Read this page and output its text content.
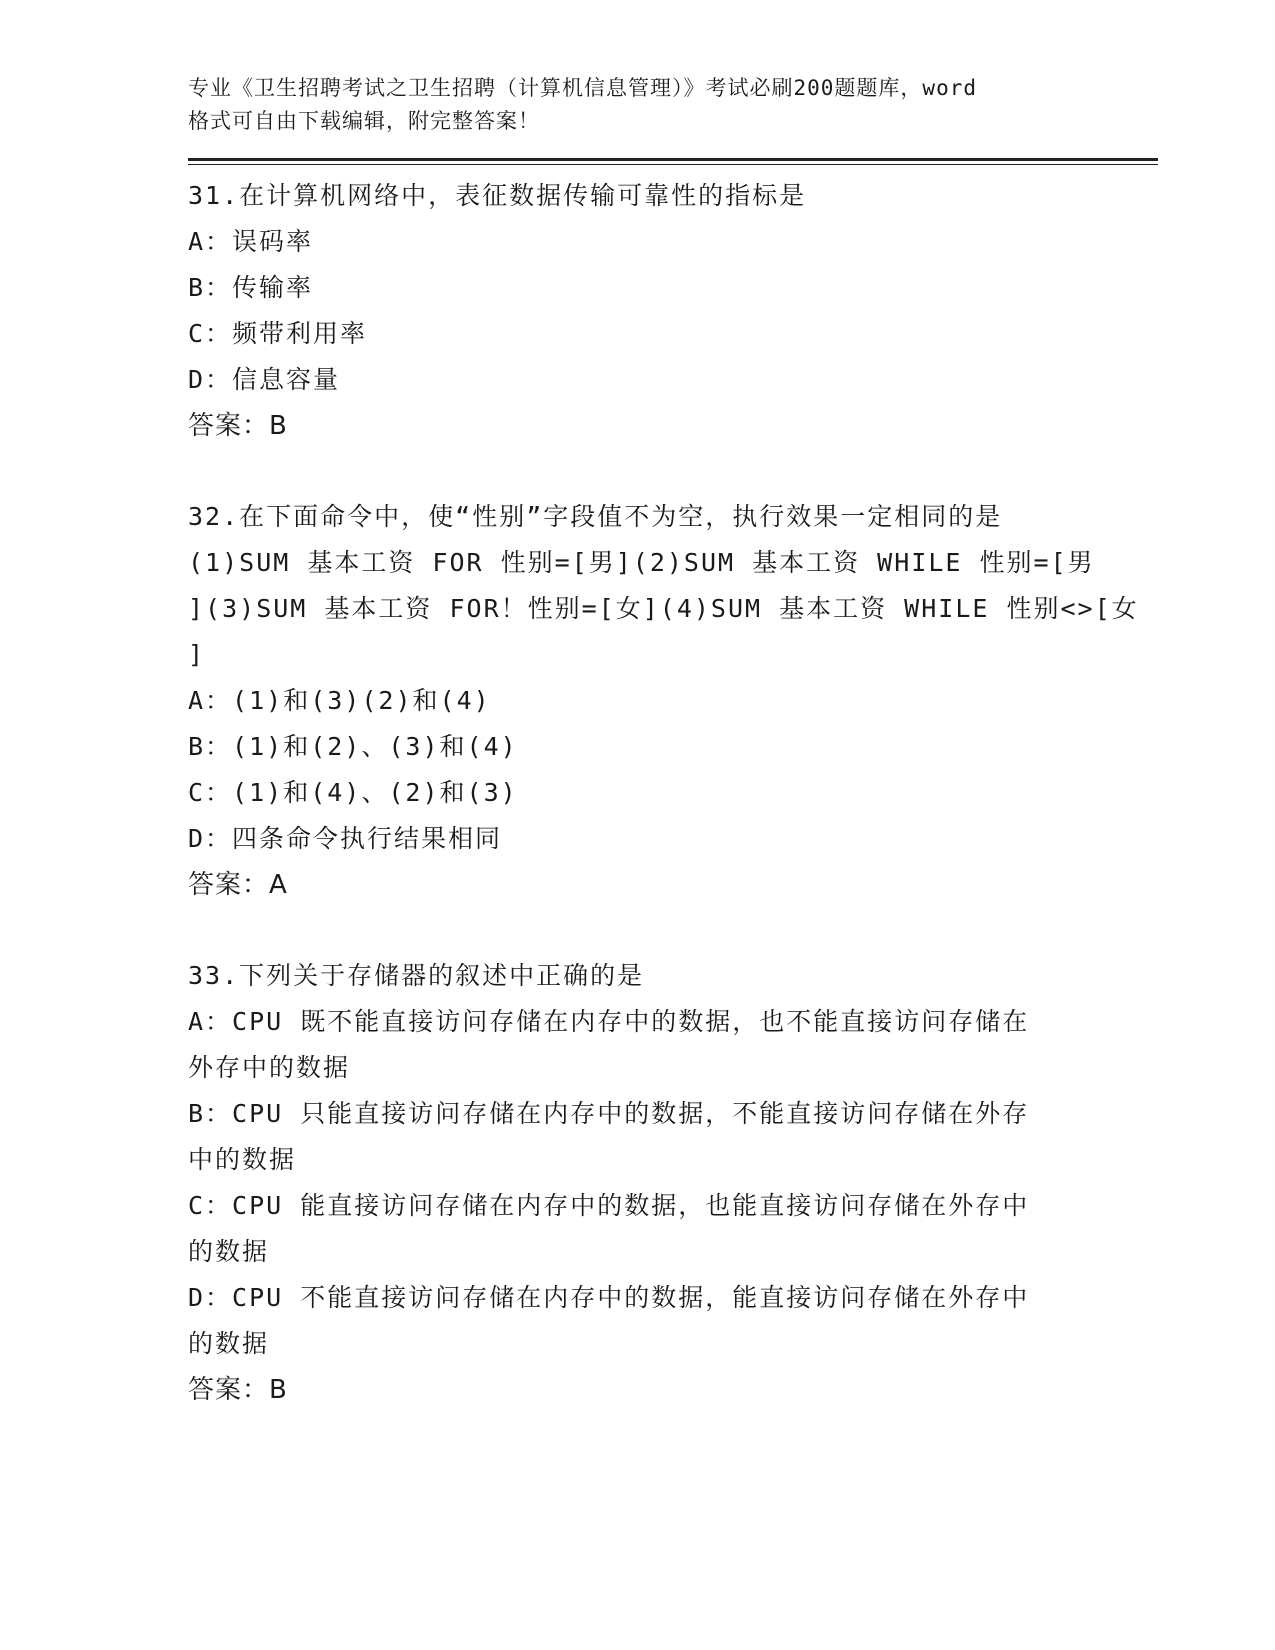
专业《卫生招聘考试之卫生招聘（计算机信息管理）》考试必刷200题题库，word
格式可自由下载编辑，附完整答案！
31.在计算机网络中，表征数据传输可靠性的指标是
A：误码率
B：传输率
C：频带利用率
D：信息容量
答案：B
32.在下面命令中，使“性别”字段值不为空，执行效果一定相同的是
(1)SUM 基本工资 FOR 性别=[男](2)SUM 基本工资 WHILE 性别=[男
](3)SUM 基本工资 FOR！性别=[女](4)SUM 基本工资 WHILE 性别<>[女
]
A：(1)和(3)(2)和(4)
B：(1)和(2)、(3)和(4)
C：(1)和(4)、(2)和(3)
D：四条命令执行结果相同
答案：A
33.下列关于存储器的叙述中正确的是
A：CPU 既不能直接访问存储在内存中的数据，也不能直接访问存储在
外存中的数据
B：CPU 只能直接访问存储在内存中的数据，不能直接访问存储在外存
中的数据
C：CPU 能直接访问存储在内存中的数据，也能直接访问存储在外存中
的数据
D：CPU 不能直接访问存储在内存中的数据，能直接访问存储在外存中
的数据
答案：B
